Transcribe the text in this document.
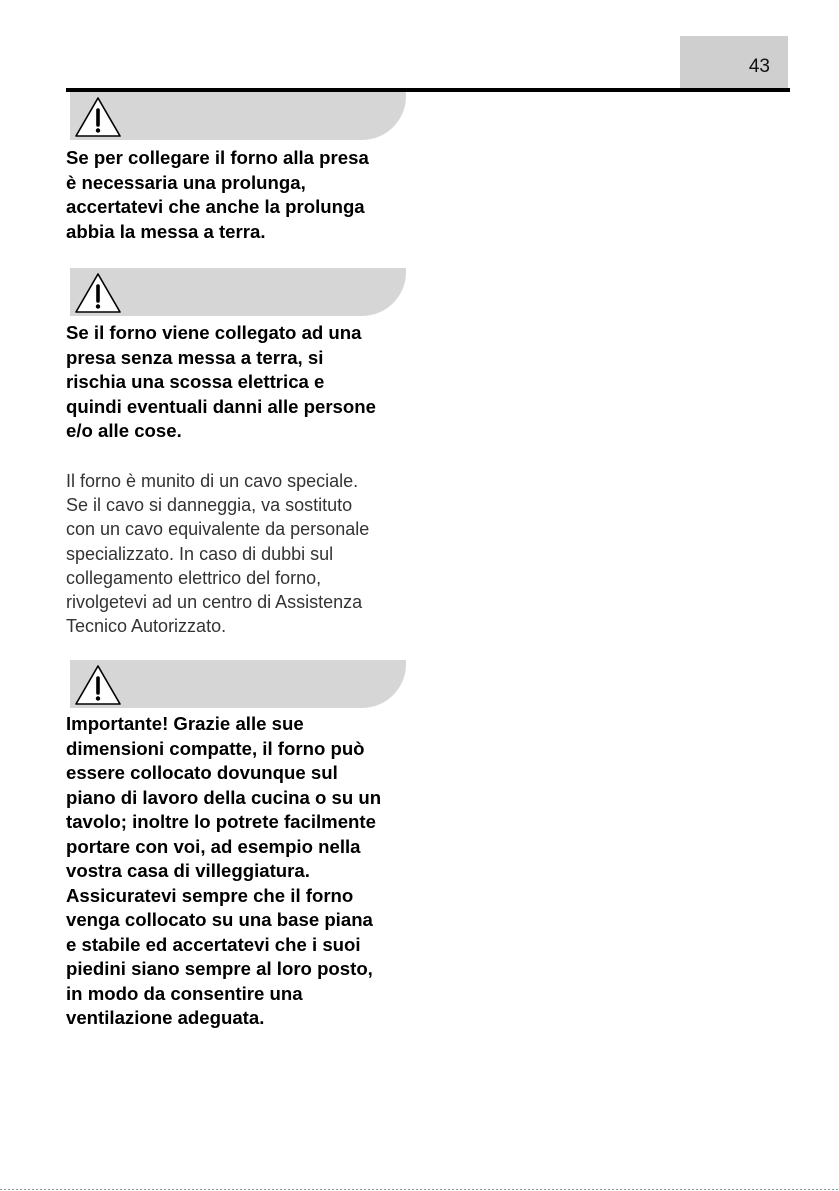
43
Se per collegare il forno alla presa
è necessaria una prolunga,
accertatevi che anche la prolunga
abbia la messa a terra.
Se il forno viene collegato ad una
presa senza messa a terra, si
rischia una scossa elettrica e
quindi eventuali danni alle persone
e/o alle cose.
Il forno è munito di un cavo speciale.
Se il cavo si danneggia, va sostituto
con un cavo equivalente da personale
specializzato. In caso di dubbi sul
collegamento elettrico del forno,
rivolgetevi ad un centro di Assistenza
Tecnico Autorizzato.
Importante! Grazie alle sue
dimensioni compatte, il forno può
essere collocato dovunque sul
piano di lavoro della cucina o su un
tavolo; inoltre lo potrete facilmente
portare con voi, ad esempio nella
vostra casa di villeggiatura.
Assicuratevi sempre che il forno
venga collocato su una base piana
e stabile ed accertatevi che i suoi
piedini siano sempre al loro posto,
in modo da consentire una
ventilazione adeguata.
